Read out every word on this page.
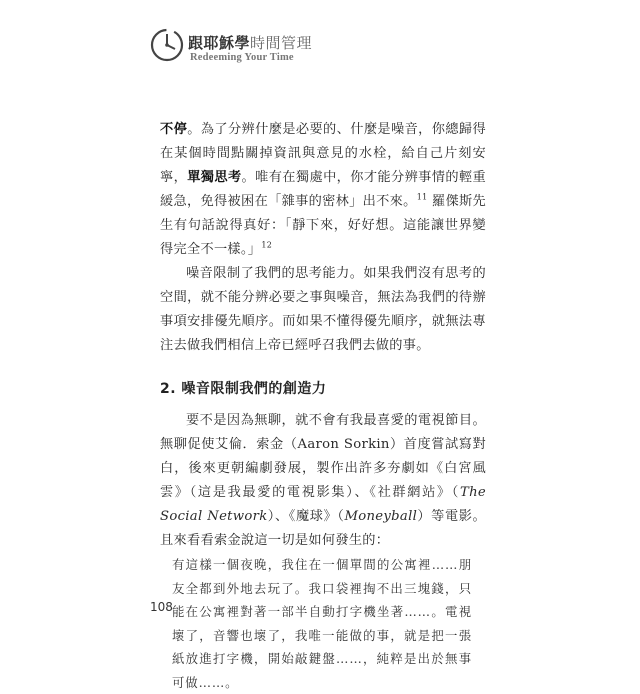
跟耶穌學時間管理
Redeeming Your Time

不停。為了分辨什麼是必要的、什麼是噪音，你總歸得在某個時間點關掉資訊與意見的水栓，給自己片刻安寧，單獨思考。唯有在獨處中，你才能分辨事情的輕重緩急，免得被困在「雜事的密林」出不來。$^{11}$ 羅傑斯先生有句話說得真好：「靜下來，好好想。這能讓世界變得完全不一樣。」$^{12}$

噪音限制了我們的思考能力。如果我們沒有思考的空間，就不能分辨必要之事與噪音，無法為我們的待辦事項安排優先順序。而如果不懂得優先順序，就無法專注去做我們相信上帝已經呼召我們去做的事。

2. 噪音限制我們的創造力

要不是因為無聊，就不會有我最喜愛的電視節目。無聊促使艾倫．索金（Aaron Sorkin）首度嘗試寫對白，後來更朝編劇發展，製作出許多夯劇如《白宮風雲》（這是我最愛的電視影集）、《社群網站》（The Social Network）、《魔球》（Moneyball）等電影。且來看看索金說這一切是如何發生的：

有這樣一個夜晚，我住在一個單間的公寓裡……朋友全都到外地去玩了。我口袋裡掏不出三塊錢，只能在公寓裡對著一部半自動打字機坐著……。電視壞了，音響也壞了，我唯一能做的事，就是把一張紙放進打字機，開始敲鍵盤……，純粹是出於無事可做……。

108
